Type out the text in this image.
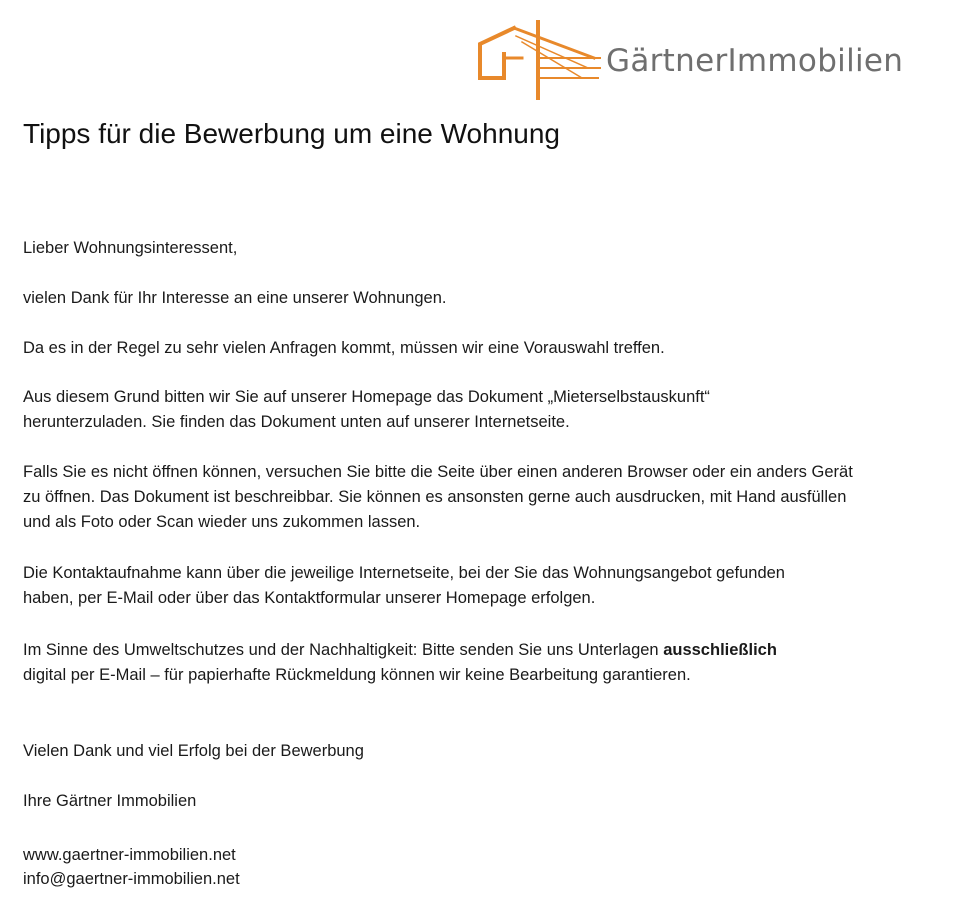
GärtnerImmobilien
Tipps für die Bewerbung um eine Wohnung

Lieber Wohnungsinteressent,

vielen Dank für Ihr Interesse an eine unserer Wohnungen.

Da es in der Regel zu sehr vielen Anfragen kommt, müssen wir eine Vorauswahl treffen.

Aus diesem Grund bitten wir Sie auf unserer Homepage das Dokument „Mieterselbstauskunft“ herunterzuladen. Sie finden das Dokument unten auf unserer Internetseite.

Falls Sie es nicht öffnen können, versuchen Sie bitte die Seite über einen anderen Browser oder ein anders Gerät zu öffnen. Das Dokument ist beschreibbar. Sie können es ansonsten gerne auch ausdrucken, mit Hand ausfüllen und als Foto oder Scan wieder uns zukommen lassen.

Die Kontaktaufnahme kann über die jeweilige Internetseite, bei der Sie das Wohnungsangebot gefunden haben, per E-Mail oder über das Kontaktformular unserer Homepage erfolgen.

Im Sinne des Umweltschutzes und der Nachhaltigkeit: Bitte senden Sie uns Unterlagen ausschließlich digital per E-Mail – für papierhafte Rückmeldung können wir keine Bearbeitung garantieren.

Vielen Dank und viel Erfolg bei der Bewerbung

Ihre Gärtner Immobilien

www.gaertner-immobilien.net

info@gaertner-immobilien.net
